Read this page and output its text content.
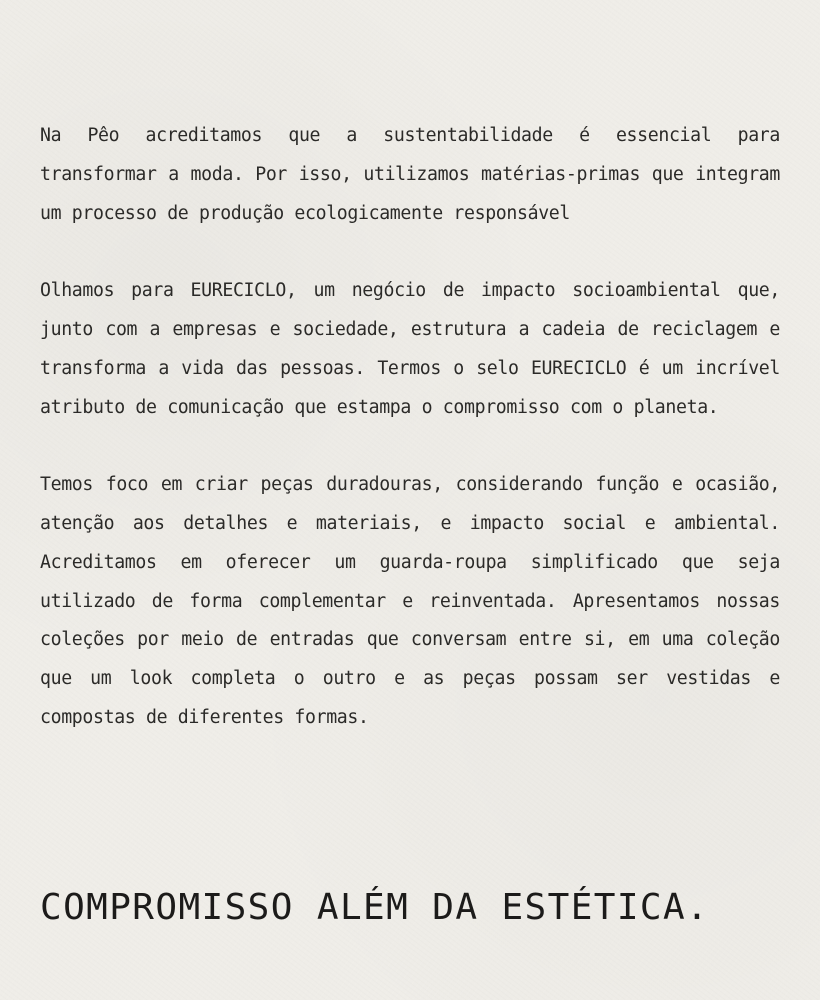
Na Pêo acreditamos que a sustentabilidade é essencial para transformar a moda. Por isso, utilizamos matérias-primas que integram um processo de produção ecologicamente responsável

Olhamos para EURECICLO, um negócio de impacto socioambiental que, junto com a empresas e sociedade, estrutura a cadeia de reciclagem e transforma a vida das pessoas. Termos o selo EURECICLO é um incrível atributo de comunicação que estampa o compromisso com o planeta.

Temos foco em criar peças duradouras, considerando função e ocasião, atenção aos detalhes e materiais, e impacto social e ambiental. Acreditamos em oferecer um guarda-roupa simplificado que seja utilizado de forma complementar e reinventada. Apresentamos nossas coleções por meio de entradas que conversam entre si, em uma coleção que um look completa o outro e as peças possam ser vestidas e compostas de diferentes formas.

COMPROMISSO ALÉM DA ESTÉTICA.
